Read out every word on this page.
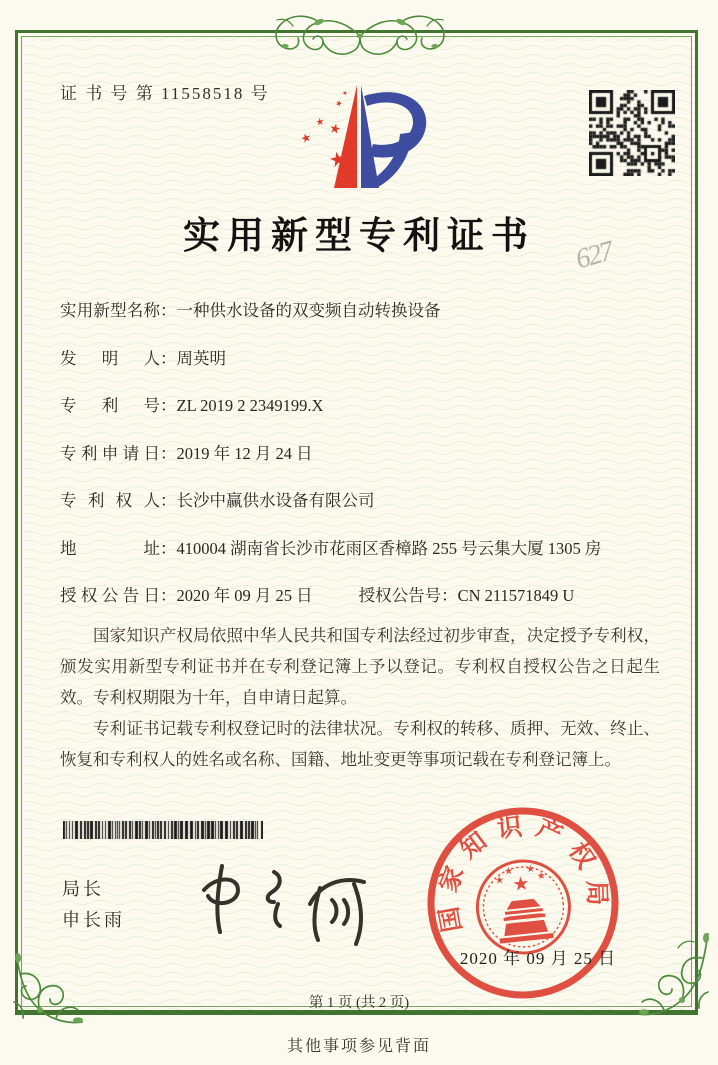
证 书 号 第 11558518 号
★
★
★
★
★
★
实用新型专利证书	627
实用新型名称：一种供水设备的双变频自动转换设备
发明人：周英明
专利号：ZL 2019 2 2349199.X
专利申请日：2019 年 12 月 24 日
专利权人：长沙中赢供水设备有限公司
地址：410004 湖南省长沙市花雨区香樟路 255 号云集大厦 1305 房
授权公告日：2020 年 09 月 25 日	授权公告号：CN 211571849 U

国家知识产权局依照中华人民共和国专利法经过初步审查，决定授予专利权，颁发实用新型专利证书并在专利登记簿上予以登记。专利权自授权公告之日起生效。专利权期限为十年，自申请日起算。

专利证书记载专利权登记时的法律状况。专利权的转移、质押、无效、终止、恢复和专利权人的姓名或名称、国籍、地址变更等事项记载在专利登记簿上。

局长
申长雨	国家知识产权局
★
★
★ ★
★
2020 年 09 月 25 日
第 1 页 (共 2 页)
其他事项参见背面
